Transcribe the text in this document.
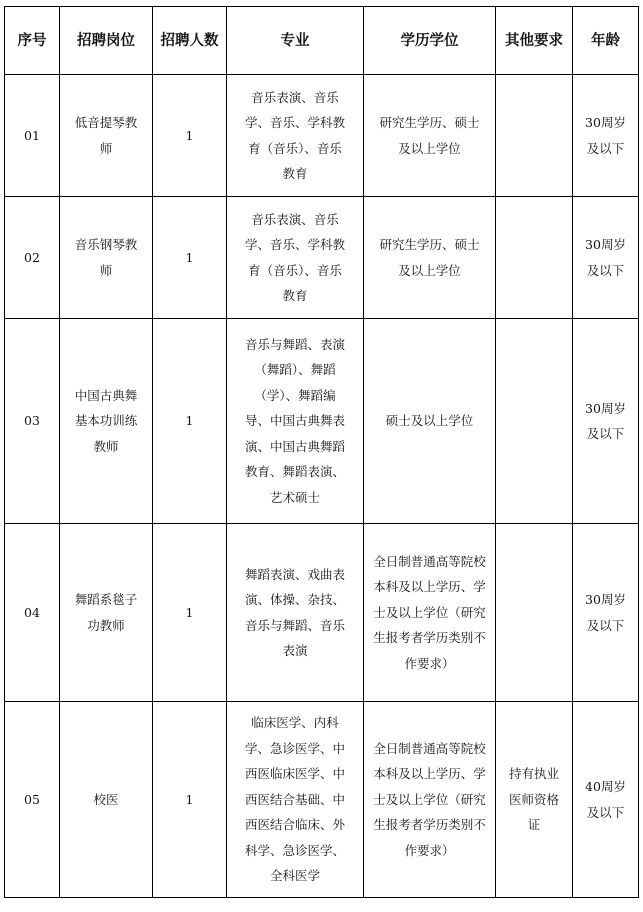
序号	招聘岗位	招聘人数	专业	学历学位	其他要求	年龄
01	低音提琴教师	1	音乐表演、音乐学、音乐、学科教育（音乐）、音乐教育	研究生学历、硕士及以上学位		30周岁及以下
02	音乐钢琴教师	1	音乐表演、音乐学、音乐、学科教育（音乐）、音乐教育	研究生学历、硕士及以上学位		30周岁及以下
03	中国古典舞基本功训练教师	1	音乐与舞蹈、表演（舞蹈）、舞蹈（学）、舞蹈编导、中国古典舞表演、中国古典舞蹈教育、舞蹈表演、艺术硕士	硕士及以上学位		30周岁及以下
04	舞蹈系毯子功教师	1	舞蹈表演、戏曲表演、体操、杂技、音乐与舞蹈、音乐表演	全日制普通高等院校本科及以上学历、学士及以上学位（研究生报考者学历类别不作要求）		30周岁及以下
05	校医	1	临床医学、内科学、急诊医学、中西医临床医学、中西医结合基础、中西医结合临床、外科学、急诊医学、全科医学	全日制普通高等院校本科及以上学历、学士及以上学位（研究生报考者学历类别不作要求）	持有执业医师资格证	40周岁及以下
